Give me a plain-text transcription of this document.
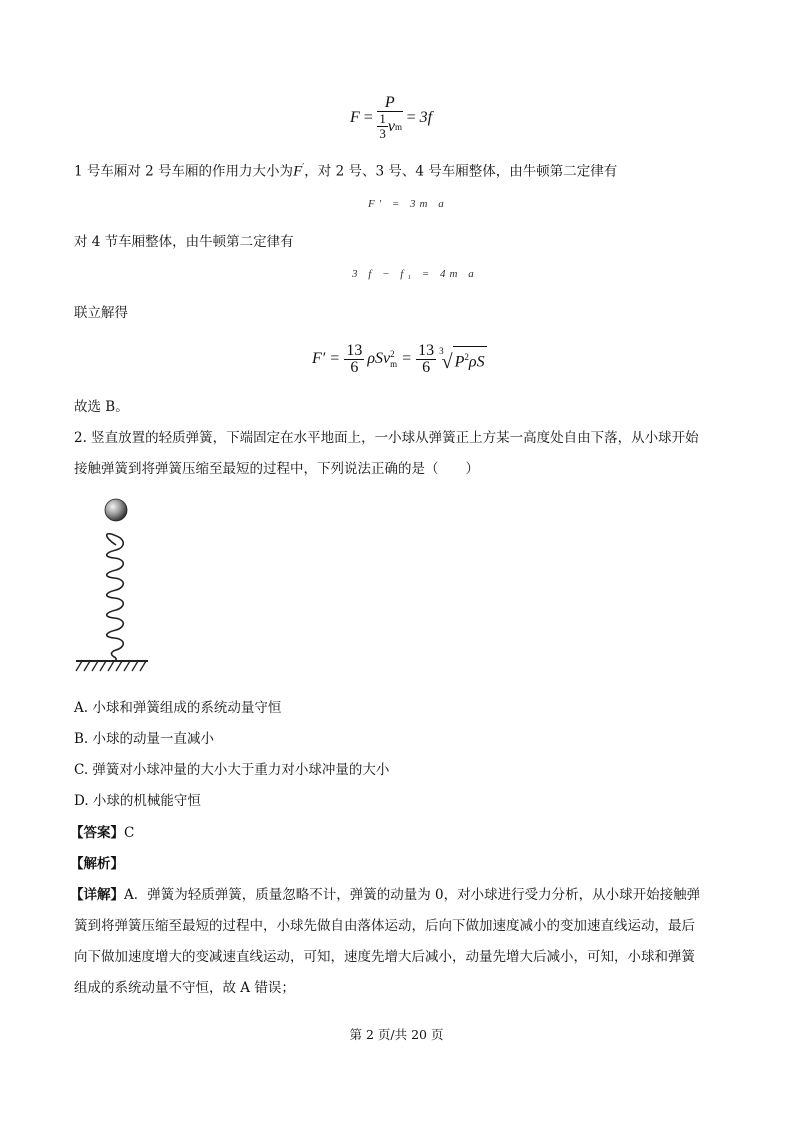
$F = \frac{P}{\frac{1}{3} v m} = 3f$
1 号车厢对 2 号车厢的作用力大小为F′，对 2 号、3 号、4 号车厢整体，由牛顿第二定律有
F′ = 3m a
对 4 节车厢整体，由牛顿第二定律有
3 f − f₁ = 4m a
联立解得
$F' = \frac{13}{6}$ ρSv 2
$m = \frac{13}{6} 3$
√ $P^2\rho S$
故选 B。
2. 竖直放置的轻质弹簧，下端固定在水平地面上，一小球从弹簧正上方某一高度处自由下落，从小球开始
接触弹簧到将弹簧压缩至最短的过程中，下列说法正确的是（　　）
A. 小球和弹簧组成的系统动量守恒
B. 小球的动量一直减小
C. 弹簧对小球冲量的大小大于重力对小球冲量的大小
D. 小球的机械能守恒
【答案】C
【解析】
【详解】A．弹簧为轻质弹簧，质量忽略不计，弹簧的动量为 0，对小球进行受力分析，从小球开始接触弹
簧到将弹簧压缩至最短的过程中，小球先做自由落体运动，后向下做加速度减小的变加速直线运动，最后
向下做加速度增大的变减速直线运动，可知，速度先增大后减小，动量先增大后减小，可知，小球和弹簧
组成的系统动量不守恒，故 A 错误；
第 2 页/共 20 页
